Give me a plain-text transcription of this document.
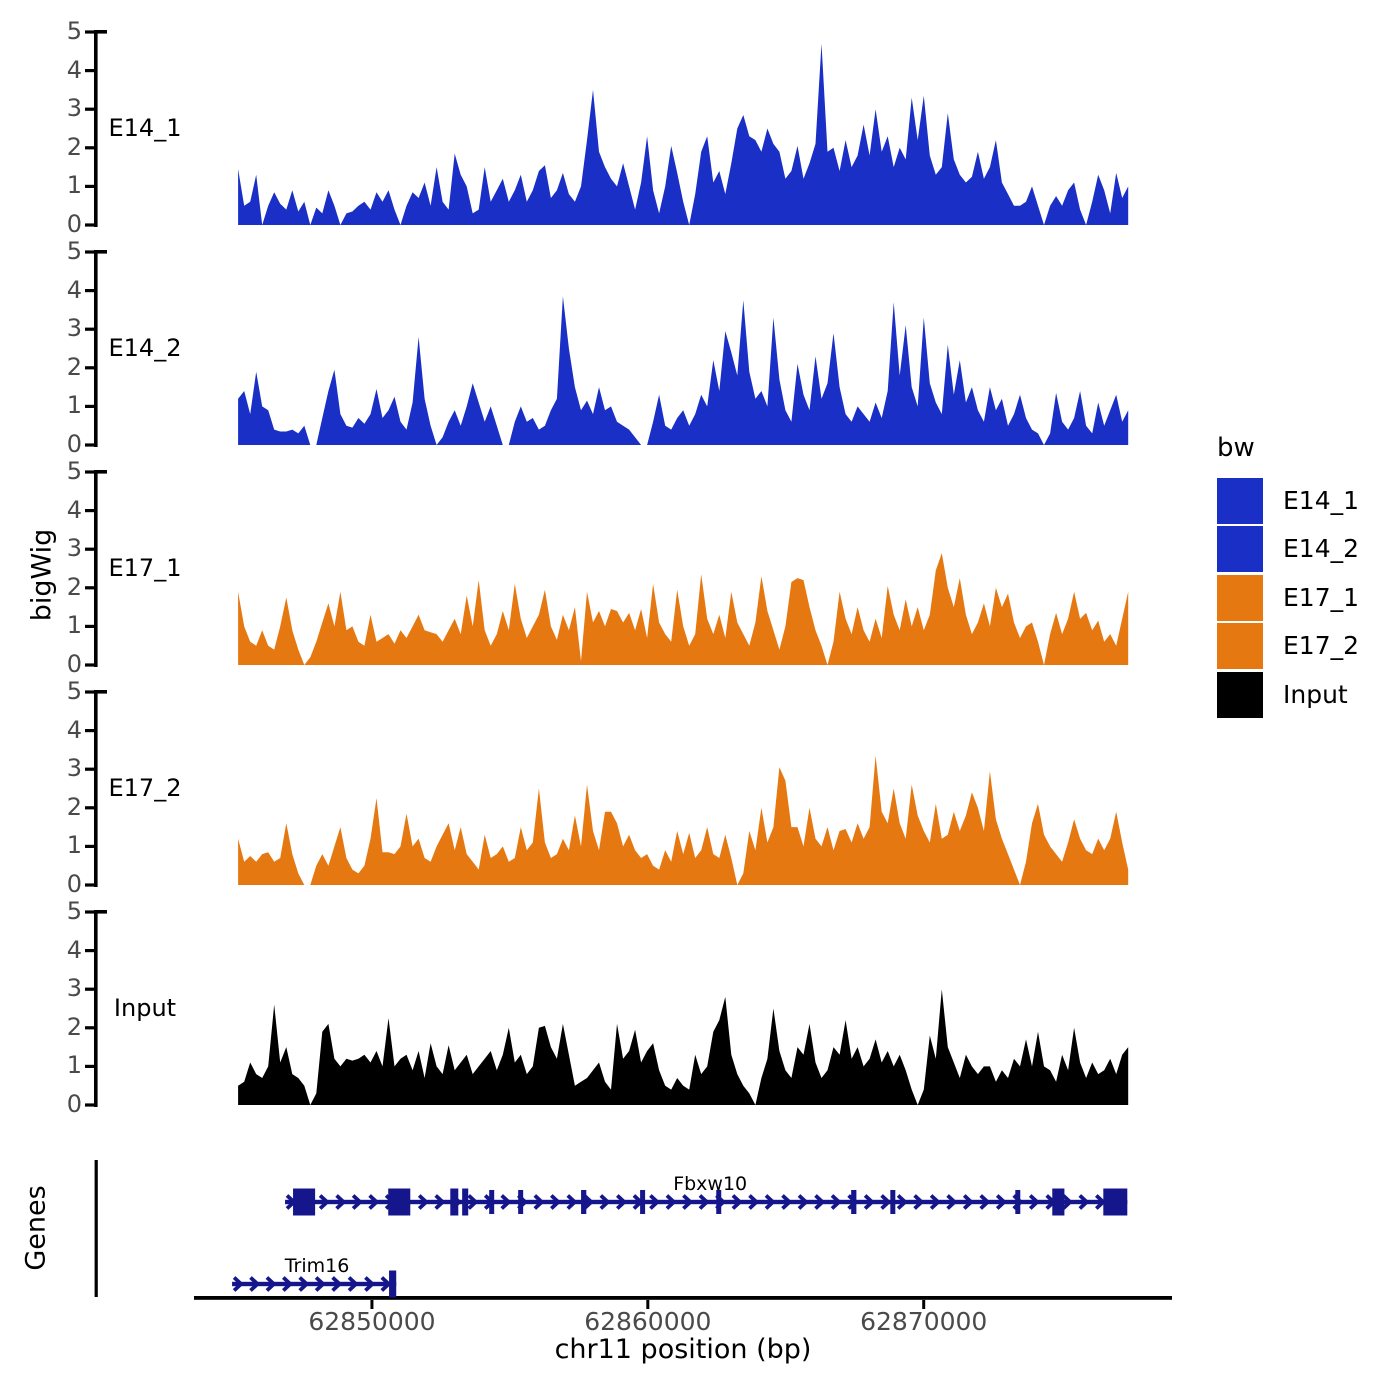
bigWig
Genes
chr11 position (bp)
bw
0
1
2
3
4
5
E14_1
0
1
2
3
4
5
E14_2
0
1
2
3
4
5
E17_1
0
1
2
3
4
5
E17_2
0
1
2
3
4
5
Input
E14_1
E14_2
E17_1
E17_2
Input
62850000	62860000	62870000
Fbxw10
Trim16
